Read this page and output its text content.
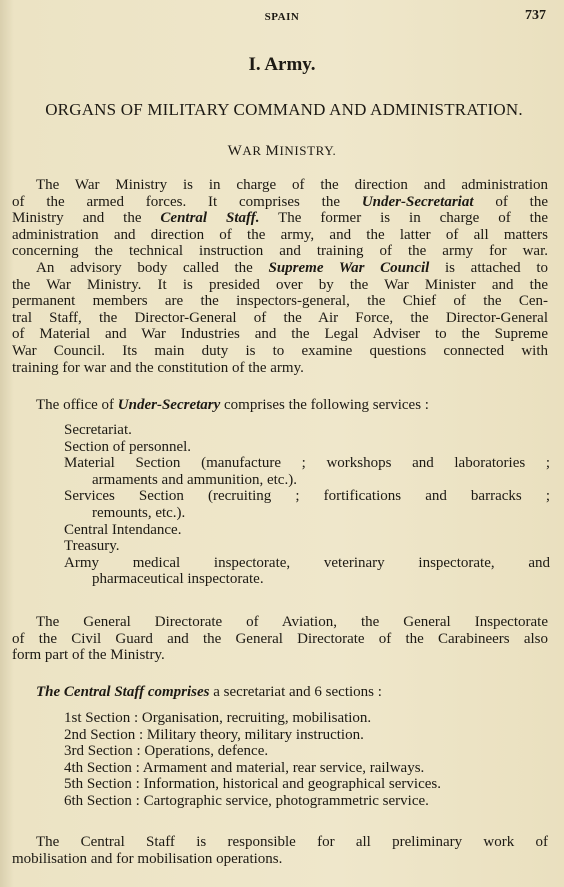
SPAIN	737
I. Army.
ORGANS OF MILITARY COMMAND AND ADMINISTRATION.
WAR MINISTRY.
The War Ministry is in charge of the direction and administration
of the armed forces. It comprises the Under-Secretariat of the
Ministry and the Central Staff. The former is in charge of the
administration and direction of the army, and the latter of all matters
concerning the technical instruction and training of the army for war.
An advisory body called the Supreme War Council is attached to
the War Ministry. It is presided over by the War Minister and the
permanent members are the inspectors-general, the Chief of the Cen-
tral Staff, the Director-General of the Air Force, the Director-General
of Material and War Industries and the Legal Adviser to the Supreme
War Council. Its main duty is to examine questions connected with
training for war and the constitution of the army.
The office of Under-Secretary comprises the following services :
Secretariat.
Section of personnel.
Material Section (manufacture ; workshops and laboratories ;
armaments and ammunition, etc.).
Services Section (recruiting ; fortifications and barracks ;
remounts, etc.).
Central Intendance.
Treasury.
Army medical inspectorate, veterinary inspectorate, and
pharmaceutical inspectorate.
The General Directorate of Aviation, the General Inspectorate
of the Civil Guard and the General Directorate of the Carabineers also
form part of the Ministry.
The Central Staff comprises a secretariat and 6 sections :
1st Section : Organisation, recruiting, mobilisation.
2nd Section : Military theory, military instruction.
3rd Section : Operations, defence.
4th Section : Armament and material, rear service, railways.
5th Section : Information, historical and geographical services.
6th Section : Cartographic service, photogrammetric service.
The Central Staff is responsible for all preliminary work of
mobilisation and for mobilisation operations.
